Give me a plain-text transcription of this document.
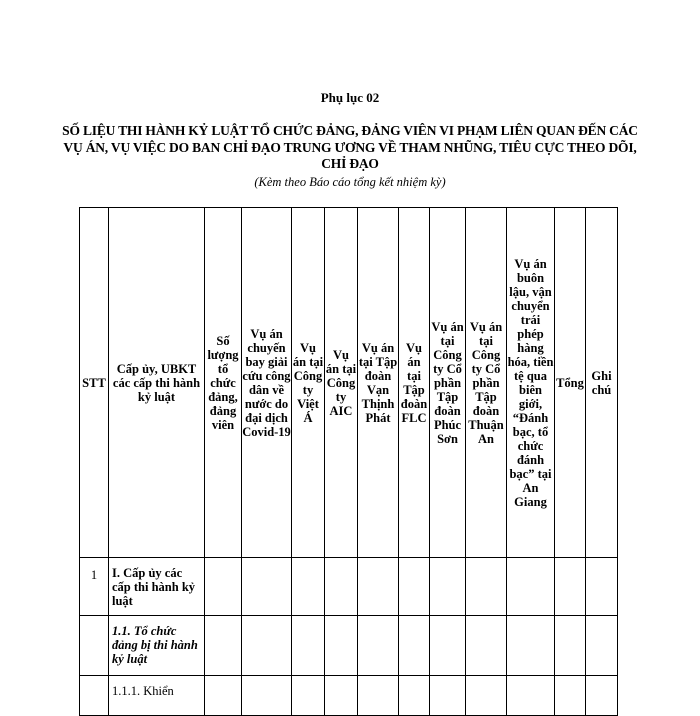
Phụ lục 02
SỐ LIỆU THI HÀNH KỶ LUẬT TỔ CHỨC ĐẢNG, ĐẢNG VIÊN VI PHẠM LIÊN QUAN ĐẾN CÁC VỤ ÁN, VỤ VIỆC DO BAN CHỈ ĐẠO TRUNG ƯƠNG VỀ THAM NHŨNG, TIÊU CỰC THEO DÕI, CHỈ ĐẠO
(Kèm theo Báo cáo tổng kết nhiệm kỳ)
STT	Cấp ủy, UBKT các cấp thi hành kỷ luật	Số lượng tổ chức đảng, đảng viên	Vụ án chuyến bay giải cứu công dân về nước do đại dịch Covid-19	Vụ án tại Công ty Việt Á	Vụ án tại Công ty AIC	Vụ án tại Tập đoàn Vạn Thịnh Phát	Vụ án tại Tập đoàn FLC	Vụ án tại Công ty Cổ phần Tập đoàn Phúc Sơn	Vụ án tại Công ty Cổ phần Tập đoàn Thuận An	Vụ án buôn lậu, vận chuyển trái phép hàng hóa, tiền tệ qua biên giới, “Đánh bạc, tổ chức đánh bạc” tại An Giang	Tổng	Ghi chú
1	I. Cấp ủy các cấp thi hành kỷ luật											
	1.1. Tổ chức đảng bị thi hành kỷ luật											
	1.1.1. Khiển											
